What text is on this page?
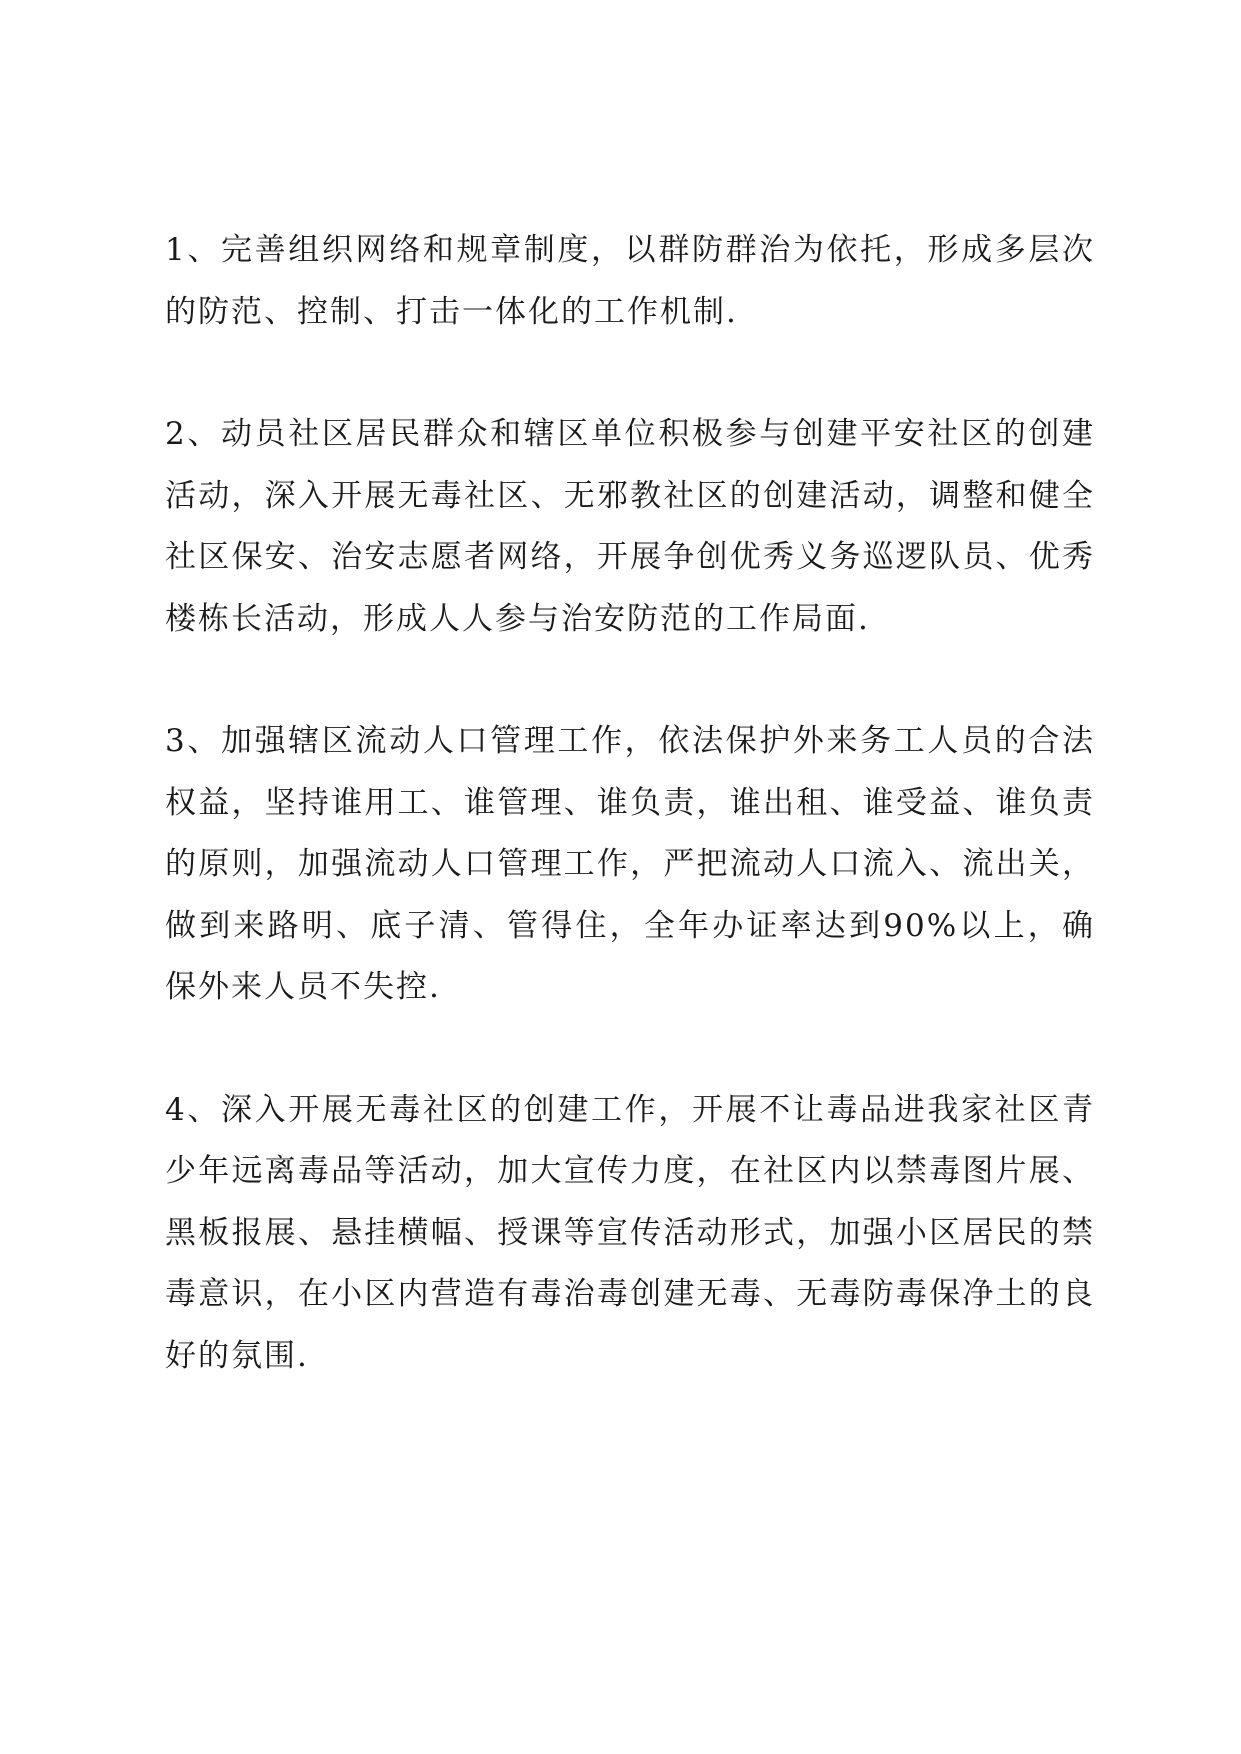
1、完善组织网络和规章制度，以群防群治为依托，形成多层次的防范、控制、打击一体化的工作机制.

2、动员社区居民群众和辖区单位积极参与创建平安社区的创建活动，深入开展无毒社区、无邪教社区的创建活动，调整和健全社区保安、治安志愿者网络，开展争创优秀义务巡逻队员、优秀楼栋长活动，形成人人参与治安防范的工作局面.

3、加强辖区流动人口管理工作，依法保护外来务工人员的合法权益，坚持谁用工、谁管理、谁负责，谁出租、谁受益、谁负责的原则，加强流动人口管理工作，严把流动人口流入、流出关，做到来路明、底子清、管得住，全年办证率达到90%以上，确保外来人员不失控.

4、深入开展无毒社区的创建工作，开展不让毒品进我家社区青少年远离毒品等活动，加大宣传力度，在社区内以禁毒图片展、黑板报展、悬挂横幅、授课等宣传活动形式，加强小区居民的禁毒意识，在小区内营造有毒治毒创建无毒、无毒防毒保净土的良好的氛围.
